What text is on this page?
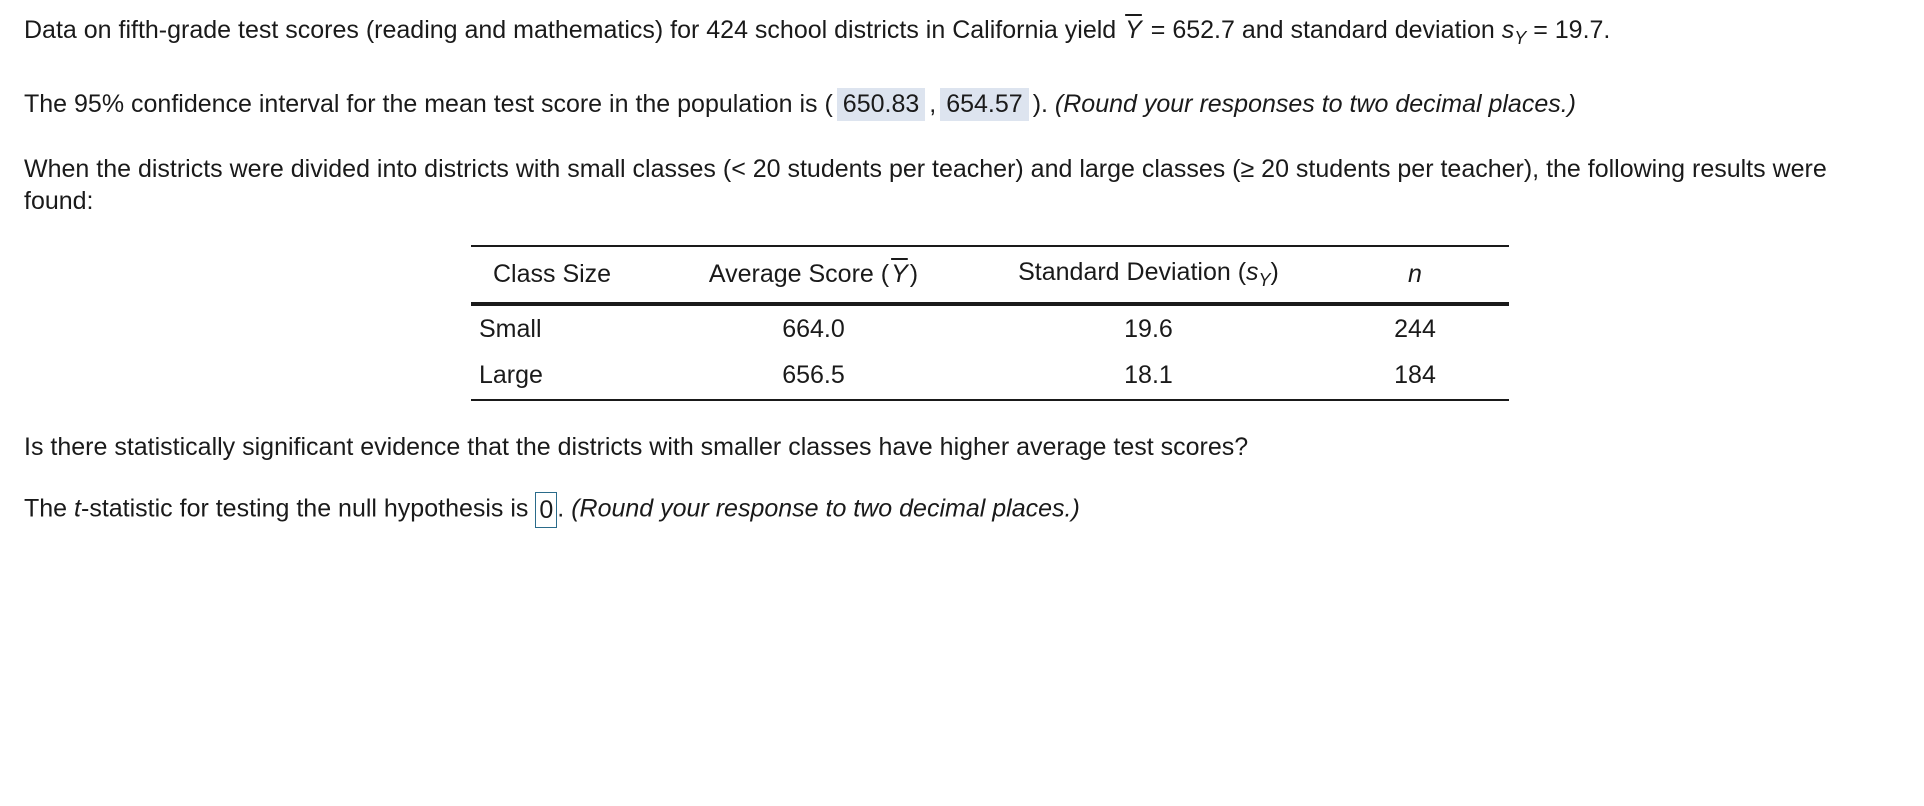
Data on fifth-grade test scores (reading and mathematics) for 424 school districts in California yield $\overline{Y} = 652.7$ and standard deviation $s_Y = 19.7$.
The 95% confidence interval for the mean test score in the population is ( 650.83 , 654.57 ). (Round your responses to two decimal places.)
When the districts were divided into districts with small classes (< 20 students per teacher) and large classes (≥ 20 students per teacher), the following results were
found:
Class Size	Average Score $(\overline{Y})$	Standard Deviation $(s_Y)$	n
Small	664.0	19.6	244
Large	656.5	18.1	184
Is there statistically significant evidence that the districts with smaller classes have higher average test scores?
The t-statistic for testing the null hypothesis is 0 . (Round your response to two decimal places.)
